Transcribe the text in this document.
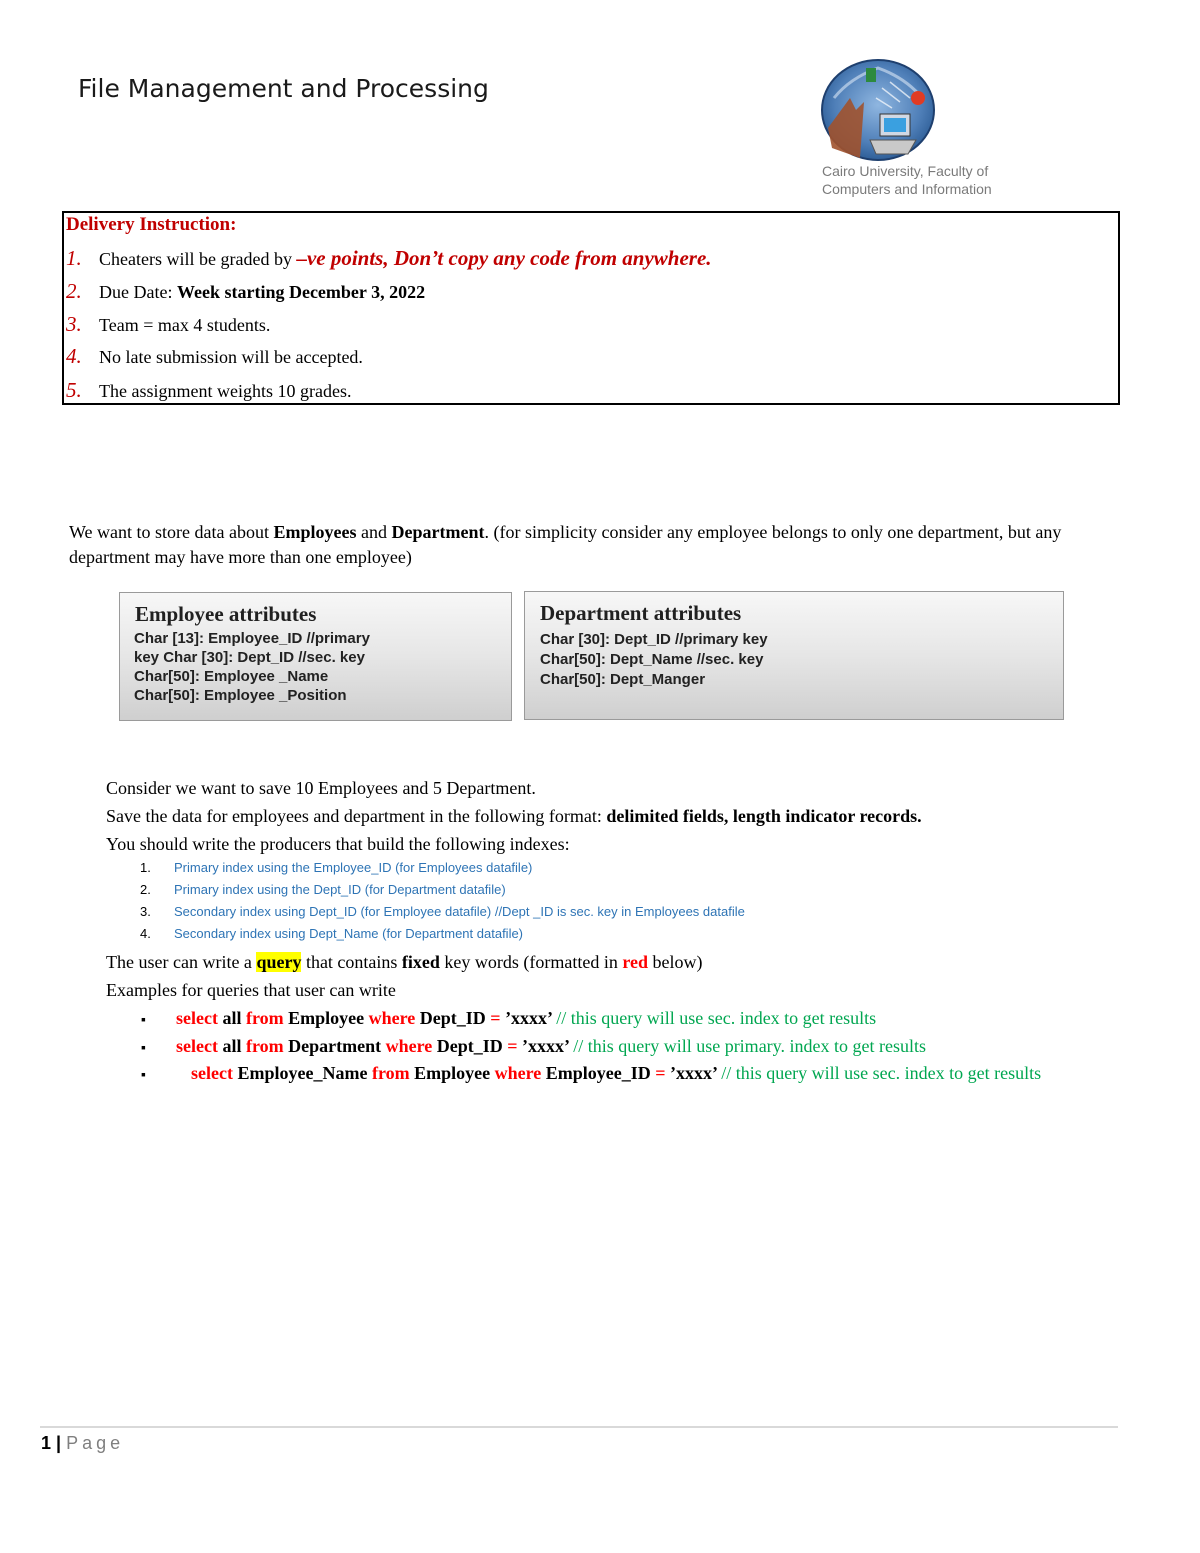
File Management and Processing
Cairo University, Faculty of
Computers and Information
Delivery Instruction:
1. Cheaters will be graded by –ve points, Don’t copy any code from anywhere.
2. Due Date: Week starting December 3, 2022
3. Team = max 4 students.
4. No late submission will be accepted.
5. The assignment weights 10 grades.
We want to store data about Employees and Department. (for simplicity consider any employee belongs to only one department, but any department may have more than one employee)
Employee attributes
Char [13]: Employee_ID //primary
key Char [30]: Dept_ID //sec. key
Char[50]: Employee _Name
Char[50]: Employee _Position
Department attributes
Char [30]: Dept_ID //primary key
Char[50]: Dept_Name //sec. key
Char[50]: Dept_Manger
Consider we want to save 10 Employees and 5 Department.
Save the data for employees and department in the following format: delimited fields, length indicator records.
You should write the producers that build the following indexes:
1. Primary index using the Employee_ID (for Employees datafile)
2. Primary index using the Dept_ID (for Department datafile)
3. Secondary index using Dept_ID (for Employee datafile) //Dept _ID is sec. key in Employees datafile
4. Secondary index using Dept_Name (for Department datafile)
The user can write a query that contains fixed key words (formatted in red below)
Examples for queries that user can write
▪ select all from Employee where Dept_ID = ’xxxx’ // this query will use sec. index to get results
▪ select all from Department where Dept_ID = ’xxxx’ // this query will use primary. index to get results
▪	select Employee_Name from Employee where Employee_ID = ’xxxx’ // this query will use sec. index to get results
1 | Page
